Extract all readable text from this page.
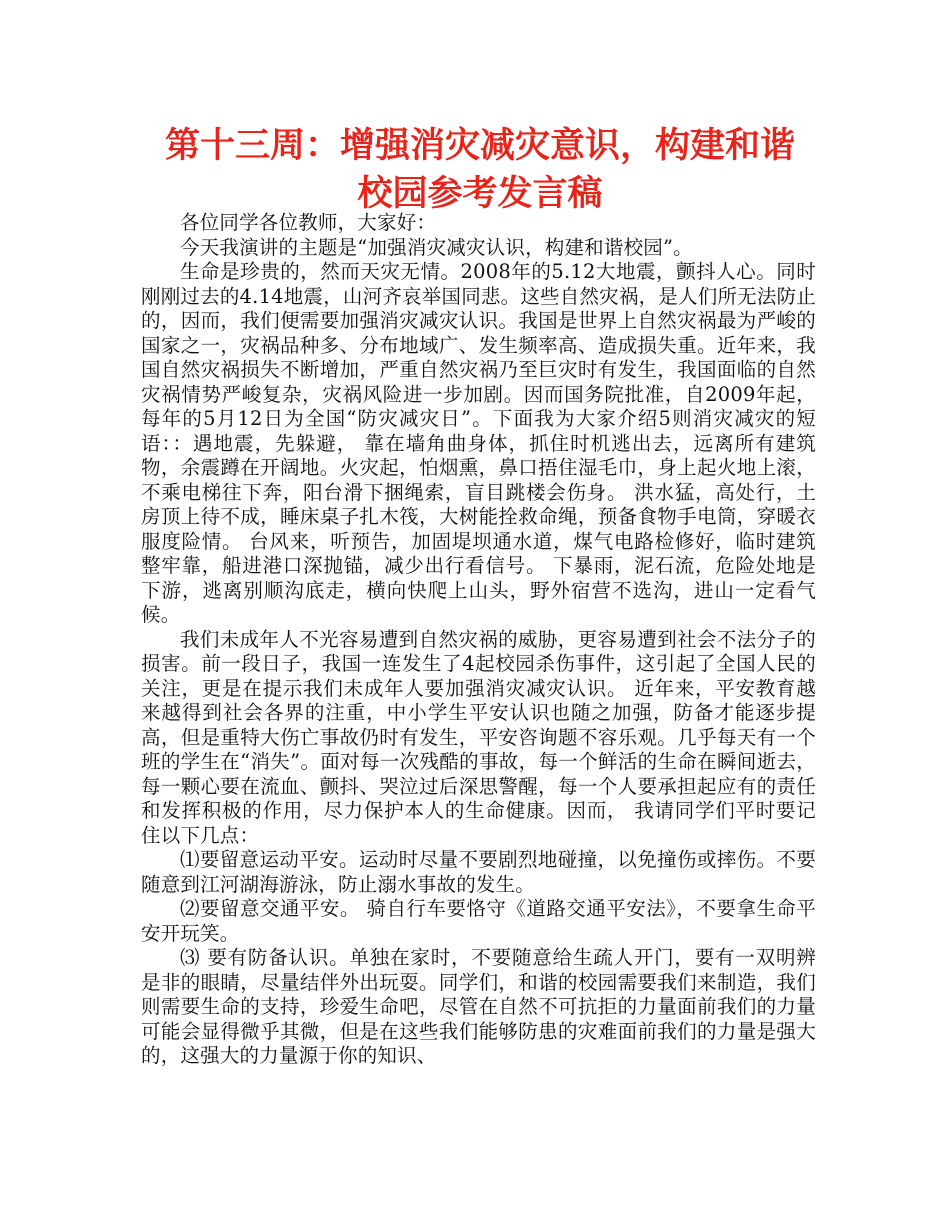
第十三周：增强消灾减灾意识，构建和谐
校园参考发言稿

各位同学各位教师，大家好：

今天我演讲的主题是“加强消灾减灾认识，构建和谐校园”。

生命是珍贵的，然而天灾无情。2008年的5.12大地震，颤抖人心。同时刚刚过去的4.14地震，山河齐哀举国同悲。这些自然灾祸，是人们所无法防止的，因而，我们便需要加强消灾减灾认识。我国是世界上自然灾祸最为严峻的国家之一，灾祸品种多、分布地域广、发生频率高、造成损失重。近年来，我国自然灾祸损失不断增加，严重自然灾祸乃至巨灾时有发生，我国面临的自然灾祸情势严峻复杂，灾祸风险进一步加剧。因而国务院批准，自2009年起，每年的5月12日为全国“防灾减灾日”。下面我为大家介绍5则消灾减灾的短语：：遇地震，先躲避， 靠在墙角曲身体，抓住时机逃出去，远离所有建筑物，余震蹲在开阔地。火灾起，怕烟熏，鼻口捂住湿毛巾，身上起火地上滚，不乘电梯往下奔，阳台滑下捆绳索，盲目跳楼会伤身。 洪水猛，高处行，土房顶上待不成，睡床桌子扎木筏，大树能拴救命绳，预备食物手电筒，穿暖衣服度险情。 台风来，听预告，加固堤坝通水道，煤气电路检修好，临时建筑整牢靠，船进港口深抛锚，减少出行看信号。 下暴雨，泥石流，危险处地是下游，逃离别顺沟底走，横向快爬上山头，野外宿营不选沟，进山一定看气候。

我们未成年人不光容易遭到自然灾祸的威胁，更容易遭到社会不法分子的损害。前一段日子，我国一连发生了4起校园杀伤事件，这引起了全国人民的关注，更是在提示我们未成年人要加强消灾减灾认识。 近年来，平安教育越来越得到社会各界的注重，中小学生平安认识也随之加强，防备才能逐步提高，但是重特大伤亡事故仍时有发生，平安咨询题不容乐观。几乎每天有一个班的学生在“消失”。面对每一次残酷的事故，每一个鲜活的生命在瞬间逝去，每一颗心要在流血、颤抖、哭泣过后深思警醒，每一个人要承担起应有的责任和发挥积极的作用，尽力保护本人的生命健康。因而， 我请同学们平时要记住以下几点：

⑴要留意运动平安。运动时尽量不要剧烈地碰撞，以免撞伤或摔伤。不要随意到江河湖海游泳，防止溺水事故的发生。

⑵要留意交通平安。 骑自行车要恪守《道路交通平安法》，不要拿生命平安开玩笑。

⑶ 要有防备认识。单独在家时，不要随意给生疏人开门，要有一双明辨是非的眼睛，尽量结伴外出玩耍。同学们，和谐的校园需要我们来制造，我们则需要生命的支持，珍爱生命吧，尽管在自然不可抗拒的力量面前我们的力量可能会显得微乎其微，但是在这些我们能够防患的灾难面前我们的力量是强大的，这强大的力量源于你的知识、
